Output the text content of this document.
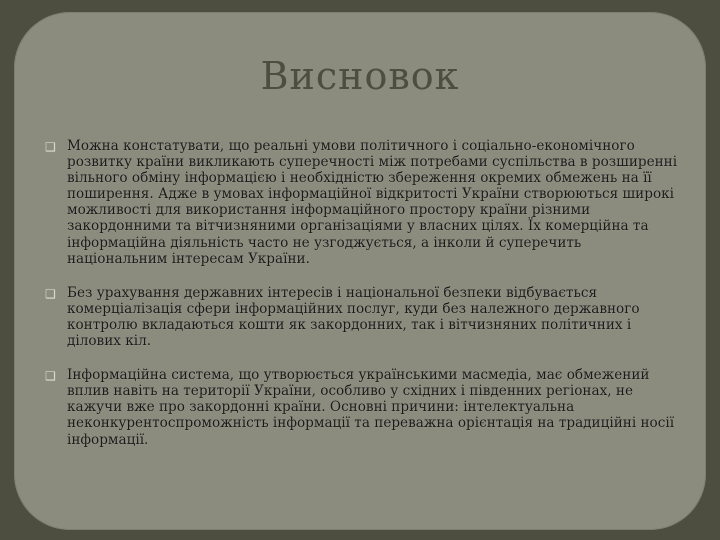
Висновок
❑ Можна констатувати, що реальні умови політичного і соціально-економічного розвитку країни викликають суперечності між потребами суспільства в розширенні вільного обміну інформацією і необхідністю збереження окремих обмежень на її поширення. Адже в умовах інформаційної відкритості України створюються широкі можливості для використання інформаційного простору країни різними закордонними та вітчизняними організаціями у власних цілях. Їх комерційна та інформаційна діяльність часто не узгоджується, а інколи й суперечить національним інтересам України.
❑ Без урахування державних інтересів і національної безпеки відбувається комерціалізація сфери інформаційних послуг, куди без належного державного контролю вкладаються кошти як закордонних, так і вітчизняних політичних і ділових кіл.
❑ Інформаційна система, що утворюється українськими масмедіа, має обмежений вплив навіть на території України, особливо у східних і південних регіонах, не кажучи вже про закордонні країни. Основні причини: інтелектуальна неконкурентоспроможність інформації та переважна орієнтація на традиційні носії інформації.
